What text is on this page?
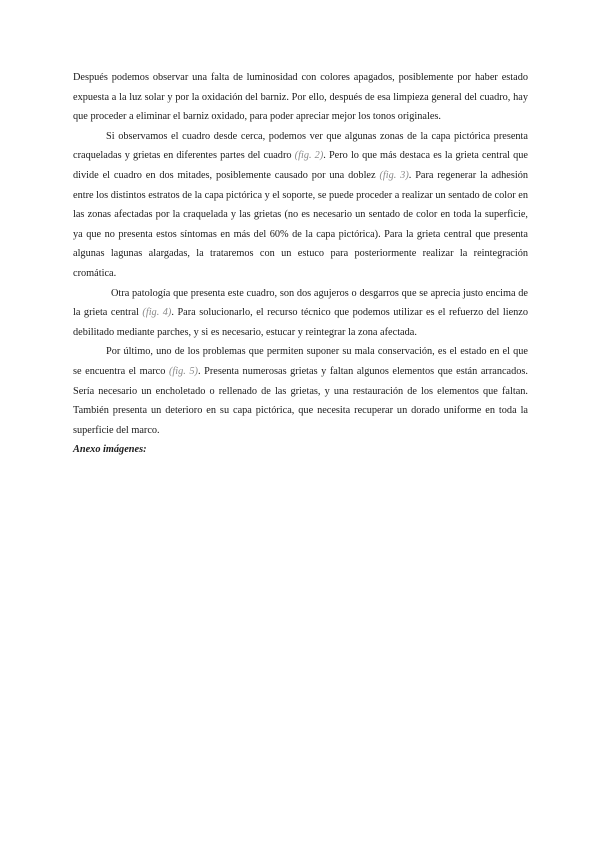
Después podemos observar una falta de luminosidad con colores apagados, posiblemente por haber estado expuesta a la luz solar y por la oxidación del barniz. Por ello, después de esa limpieza general del cuadro, hay que proceder a eliminar el barniz oxidado, para poder apreciar mejor los tonos originales.

Si observamos el cuadro desde cerca, podemos ver que algunas zonas de la capa pictórica presenta craqueladas y grietas en diferentes partes del cuadro (fig. 2). Pero lo que más destaca es la grieta central que divide el cuadro en dos mitades, posiblemente causado por una doblez (fig. 3). Para regenerar la adhesión entre los distintos estratos de la capa pictórica y el soporte, se puede proceder a realizar un sentado de color en las zonas afectadas por la craquelada y las grietas (no es necesario un sentado de color en toda la superficie, ya que no presenta estos síntomas en más del 60% de la capa pictórica). Para la grieta central que presenta algunas lagunas alargadas, la trataremos con un estuco para posteriormente realizar la reintegración cromática.

Otra patología que presenta este cuadro, son dos agujeros o desgarros que se aprecia justo encima de la grieta central (fig. 4). Para solucionarlo, el recurso técnico que podemos utilizar es el refuerzo del lienzo debilitado mediante parches, y si es necesario, estucar y reintegrar la zona afectada.

Por último, uno de los problemas que permiten suponer su mala conservación, es el estado en el que se encuentra el marco (fig. 5). Presenta numerosas grietas y faltan algunos elementos que están arrancados. Sería necesario un encholetado o rellenado de las grietas, y una restauración de los elementos que faltan. También presenta un deterioro en su capa pictórica, que necesita recuperar un dorado uniforme en toda la superficie del marco.

Anexo imágenes:
